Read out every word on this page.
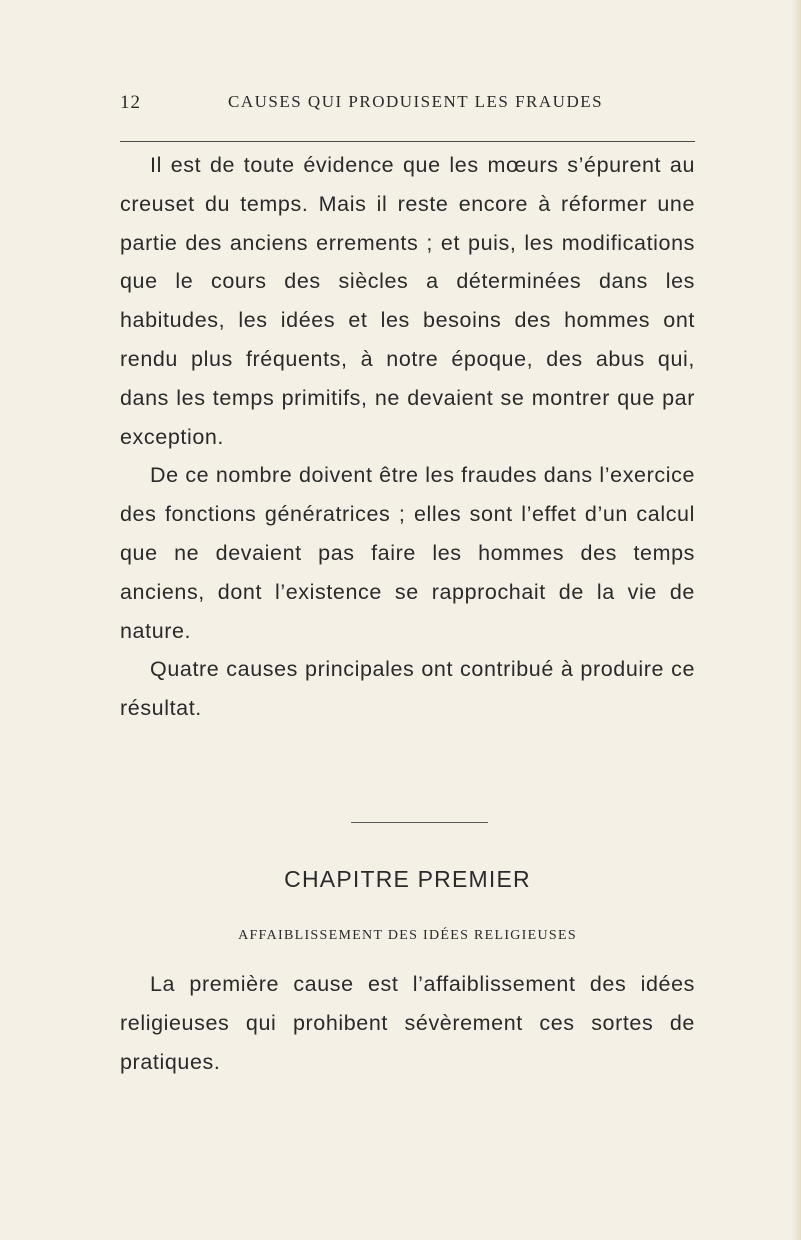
12	CAUSES QUI PRODUISENT LES FRAUDES

Il est de toute évidence que les mœurs s’épurent au creuset du temps. Mais il reste encore à réformer une partie des anciens errements ; et puis, les modifications que le cours des siècles a déterminées dans les habitudes, les idées et les besoins des hommes ont rendu plus fréquents, à notre époque, des abus qui, dans les temps primitifs, ne devaient se montrer que par exception.

De ce nombre doivent être les fraudes dans l’exercice des fonctions génératrices ; elles sont l’effet d’un calcul que ne devaient pas faire les hommes des temps anciens, dont l’existence se rapprochait de la vie de nature.

Quatre causes principales ont contribué à produire ce résultat.

CHAPITRE PREMIER
AFFAIBLISSEMENT DES IDÉES RELIGIEUSES

La première cause est l’affaiblissement des idées religieuses qui prohibent sévèrement ces sortes de pratiques.
